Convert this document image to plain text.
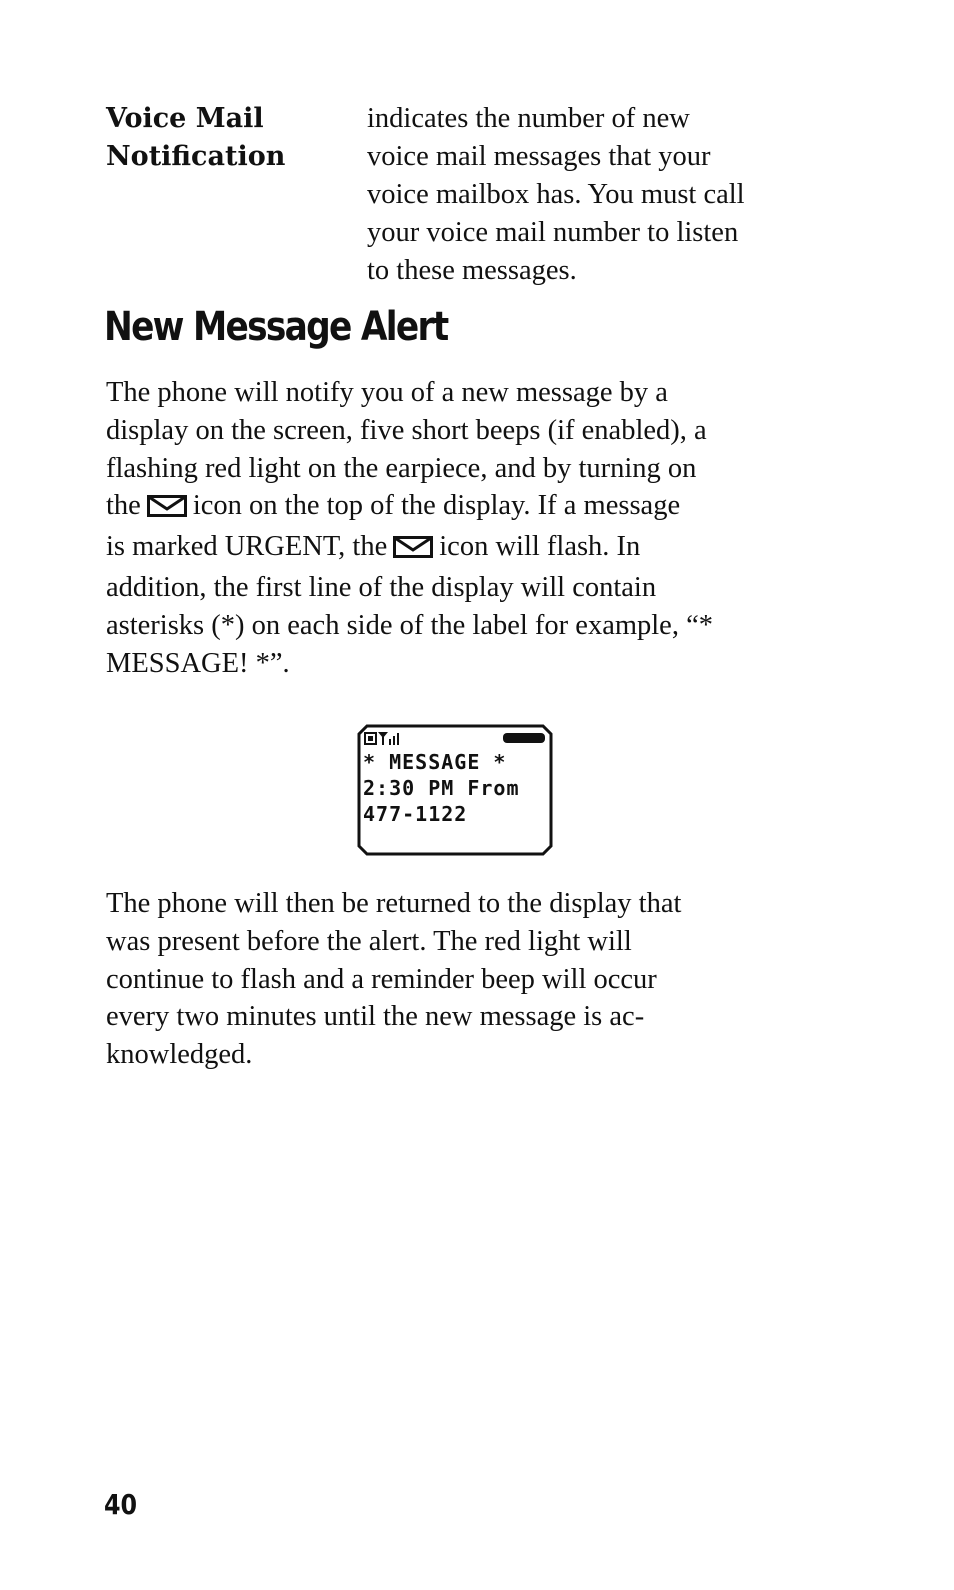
Voice Mail
Notification
indicates the number of new
voice mail messages that your
voice mailbox has. You must call
your voice mail number to listen
to these messages.
New Message Alert
The phone will notify you of a new message by a
display on the screen, five short beeps (if enabled), a
flashing red light on the earpiece, and by turning on
the icon on the top of the display. If a message
is marked URGENT, the icon will flash. In
addition, the first line of the display will contain
asterisks (*) on each side of the label for example, “*
MESSAGE! *”.
* MESSAGE *
2:30 PM From
477-1122
The phone will then be returned to the display that
was present before the alert. The red light will
continue to flash and a reminder beep will occur
every two minutes until the new message is ac-
knowledged.
40
